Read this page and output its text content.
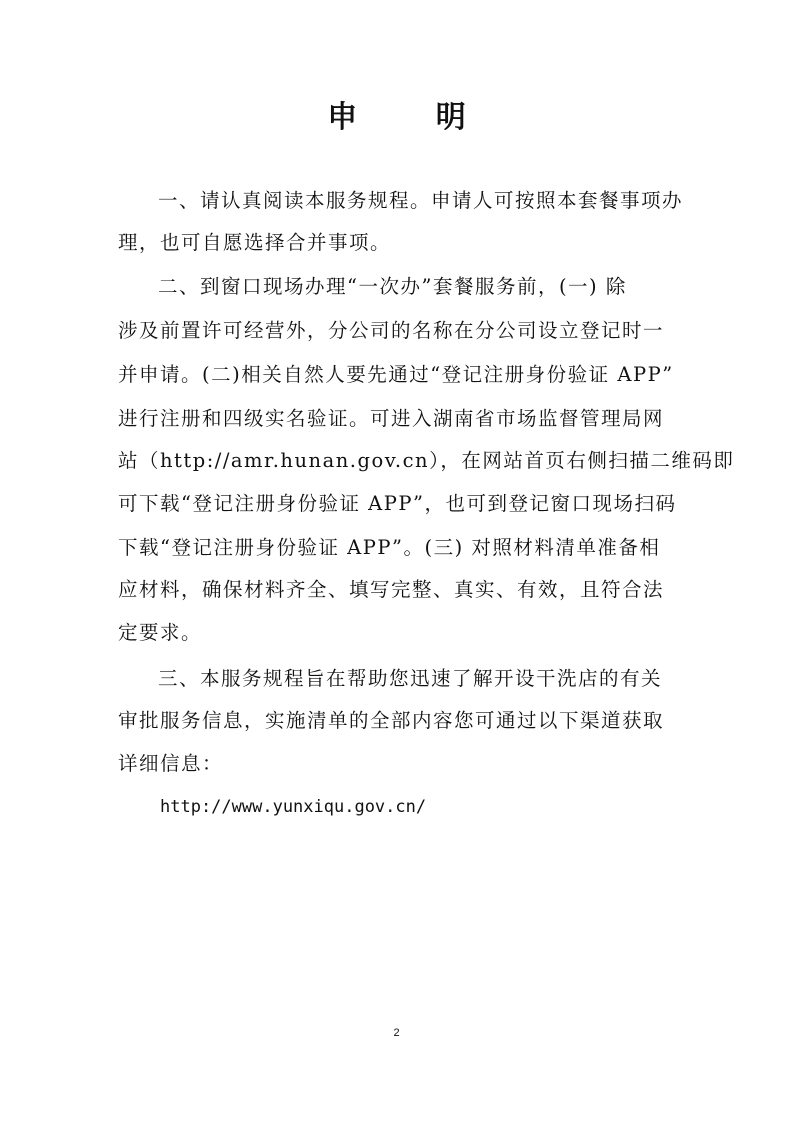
申 明
一、请认真阅读本服务规程。申请人可按照本套餐事项办
理，也可自愿选择合并事项。
二、到窗口现场办理“一次办”套餐服务前，(一) 除
涉及前置许可经营外，分公司的名称在分公司设立登记时一
并申请。(二)相关自然人要先通过“登记注册身份验证 APP”
进行注册和四级实名验证。可进入湖南省市场监督管理局网
站（http://amr.hunan.gov.cn），在网站首页右侧扫描二维码即
可下载“登记注册身份验证 APP”，也可到登记窗口现场扫码
下载“登记注册身份验证 APP”。(三) 对照材料清单准备相
应材料，确保材料齐全、填写完整、真实、有效，且符合法
定要求。
三、本服务规程旨在帮助您迅速了解开设干洗店的有关
审批服务信息，实施清单的全部内容您可通过以下渠道获取
详细信息：
http://www.yunxiqu.gov.cn/
2
